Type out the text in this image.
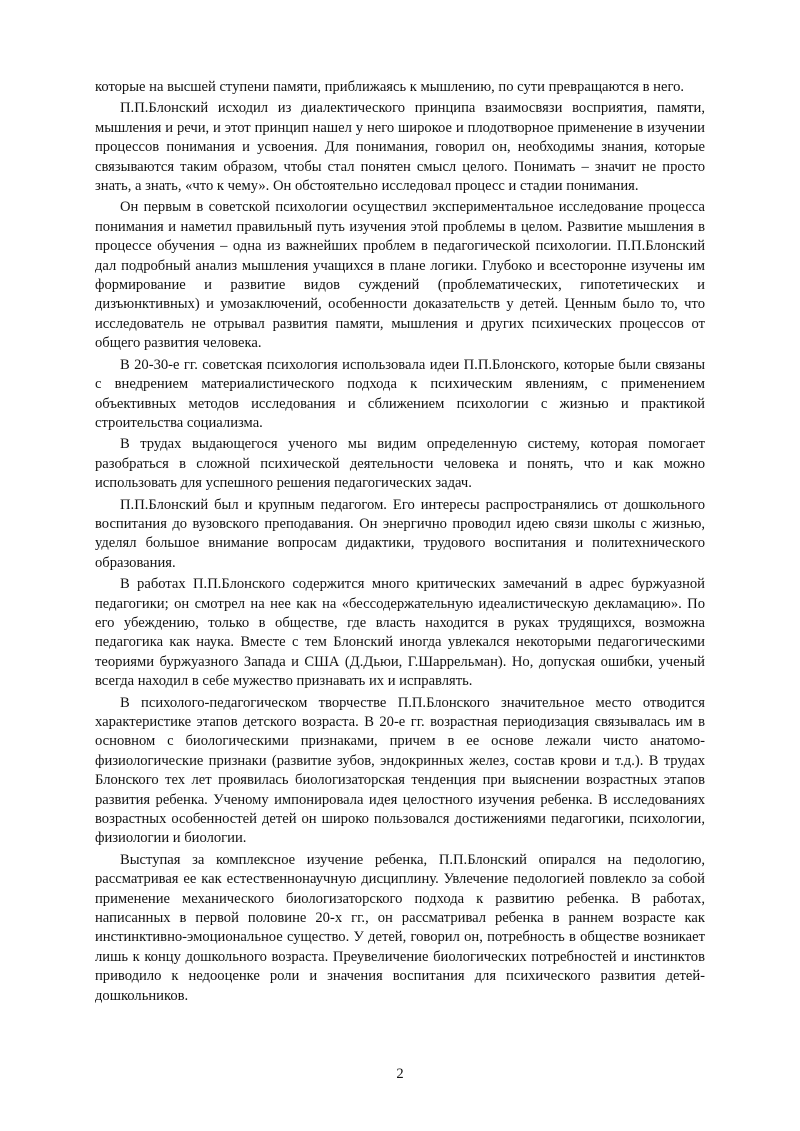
которые на высшей ступени памяти, приближаясь к мышлению, по сути превращаются в него.

П.П.Блонский исходил из диалектического принципа взаимосвязи восприятия, памяти, мышления и речи, и этот принцип нашел у него широкое и плодотворное применение в изучении процессов понимания и усвоения. Для понимания, говорил он, необходимы знания, которые связываются таким образом, чтобы стал понятен смысл целого. Понимать – значит не просто знать, а знать, «что к чему». Он обстоятельно исследовал процесс и стадии понимания.

Он первым в советской психологии осуществил экспериментальное исследование процесса понимания и наметил правильный путь изучения этой проблемы в целом. Развитие мышления в процессе обучения – одна из важнейших проблем в педагогической психологии. П.П.Блонский дал подробный анализ мышления учащихся в плане логики. Глубоко и всесторонне изучены им формирование и развитие видов суждений (проблематических, гипотетических и дизъюнктивных) и умозаключений, особенности доказательств у детей. Ценным было то, что исследователь не отрывал развития памяти, мышления и других психических процессов от общего развития человека.

В 20-30-е гг. советская психология использовала идеи П.П.Блонского, которые были связаны с внедрением материалистического подхода к психическим явлениям, с применением объективных методов исследования и сближением психологии с жизнью и практикой строительства социализма.

В трудах выдающегося ученого мы видим определенную систему, которая помогает разобраться в сложной психической деятельности человека и понять, что и как можно использовать для успешного решения педагогических задач.

П.П.Блонский был и крупным педагогом. Его интересы распространялись от дошкольного воспитания до вузовского преподавания. Он энергично проводил идею связи школы с жизнью, уделял большое внимание вопросам дидактики, трудового воспитания и политехнического образования.

В работах П.П.Блонского содержится много критических замечаний в адрес буржуазной педагогики; он смотрел на нее как на «бессодержательную идеалистическую декламацию». По его убеждению, только в обществе, где власть находится в руках трудящихся, возможна педагогика как наука. Вместе с тем Блонский иногда увлекался некоторыми педагогическими теориями буржуазного Запада и США (Д.Дьюи, Г.Шаррельман). Но, допуская ошибки, ученый всегда находил в себе мужество признавать их и исправлять.

В психолого-педагогическом творчестве П.П.Блонского значительное место отводится характеристике этапов детского возраста. В 20-е гг. возрастная периодизация связывалась им в основном с биологическими признаками, причем в ее основе лежали чисто анатомо-физиологические признаки (развитие зубов, эндокринных желез, состав крови и т.д.). В трудах Блонского тех лет проявилась биологизаторская тенденция при выяснении возрастных этапов развития ребенка. Ученому импонировала идея целостного изучения ребенка. В исследованиях возрастных особенностей детей он широко пользовался достижениями педагогики, психологии, физиологии и биологии.

Выступая за комплексное изучение ребенка, П.П.Блонский опирался на педологию, рассматривая ее как естественнонаучную дисциплину. Увлечение педологией повлекло за собой применение механического биологизаторского подхода к развитию ребенка. В работах, написанных в первой половине 20-х гг., он рассматривал ребенка в раннем возрасте как инстинктивно-эмоциональное существо. У детей, говорил он, потребность в обществе возникает лишь к концу дошкольного возраста. Преувеличение биологических потребностей и инстинктов приводило к недооценке роли и значения воспитания для психического развития детей-дошкольников.

2
